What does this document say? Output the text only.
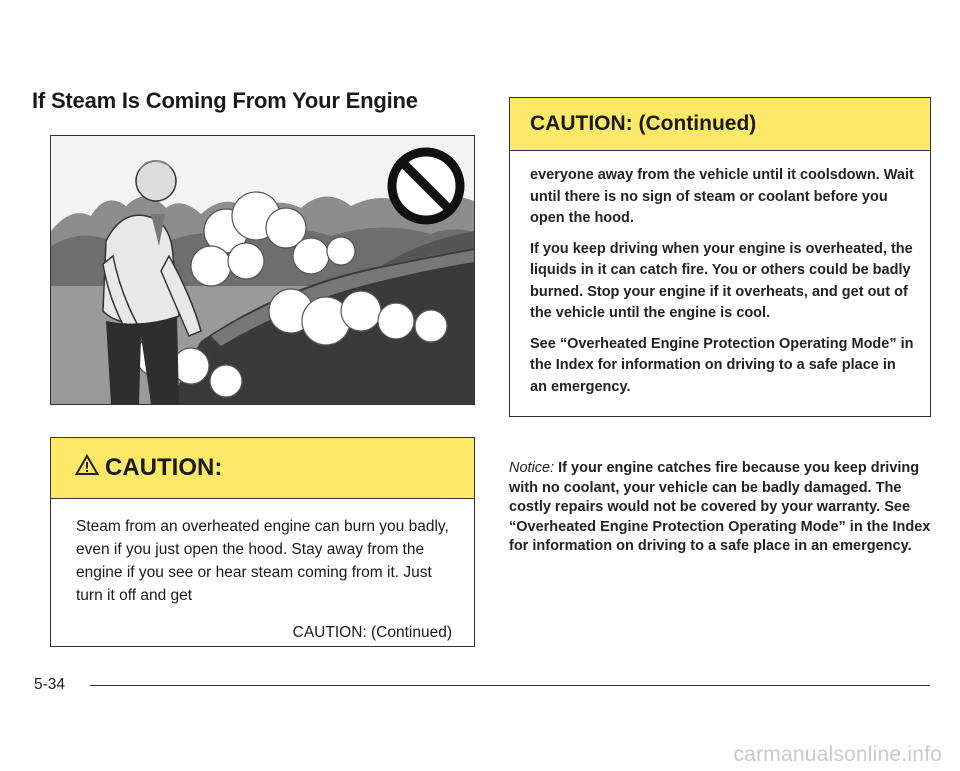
If Steam Is Coming From Your Engine
CAUTION: (Continued)

everyone away from the vehicle until it coolsdown. Wait until there is no sign of steam or coolant before you open the hood.

If you keep driving when your engine is overheated, the liquids in it can catch fire. You or others could be badly burned. Stop your engine if it overheats, and get out of the vehicle until the engine is cool.

See “Overheated Engine Protection Operating Mode” in the Index for information on driving to a safe place in an emergency.

CAUTION:

Steam from an overheated engine can burn you badly, even if you just open the hood. Stay away from the engine if you see or hear steam coming from it. Just turn it off and get

CAUTION: (Continued)

Notice: If your engine catches fire because you keep driving with no coolant, your vehicle can be badly damaged. The costly repairs would not be covered by your warranty. See “Overheated Engine Protection Operating Mode” in the Index for information on driving to a safe place in an emergency.

5-34
carmanualsonline.info
